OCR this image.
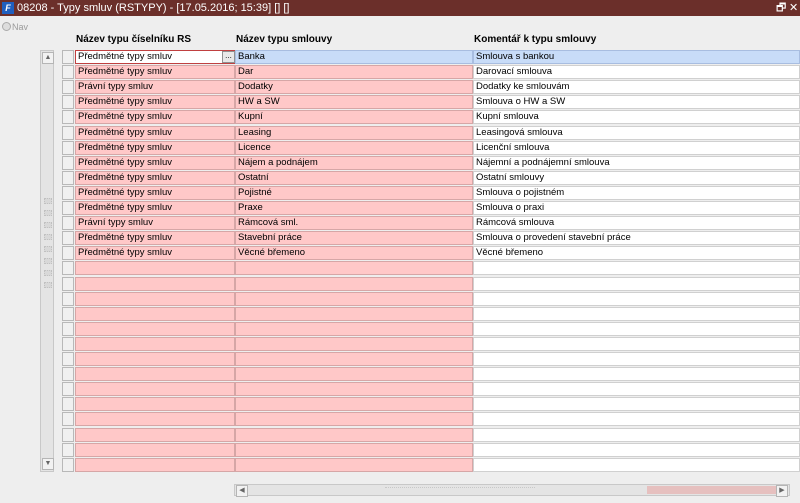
F 08208 - Typy smluv (RSTYPY) - [17.05.2016; 15:39] [] []	🗗 ✕
Nav
Název typu číselníku RS	Název typu smlouvy	Komentář k typu smlouvy
▲
▼
Předmětné typy smluv	Banka	Smlouva s bankou
...
Předmětné typy smluv	Dar	Darovací smlouva
Právní typy smluv	Dodatky	Dodatky ke smlouvám
Předmětné typy smluv	HW a SW	Smlouva o HW a SW
Předmětné typy smluv	Kupní	Kupní smlouva
Předmětné typy smluv	Leasing	Leasingová smlouva
Předmětné typy smluv	Licence	Licenční smlouva
Předmětné typy smluv	Nájem a podnájem	Nájemní a podnájemní smlouva
Předmětné typy smluv	Ostatní	Ostatní smlouvy
Předmětné typy smluv	Pojistné	Smlouva o pojistném
Předmětné typy smluv	Praxe	Smlouva o praxi
Právní typy smluv	Rámcová sml.	Rámcová smlouva
Předmětné typy smluv	Stavební práce	Smlouva o provedení stavební práce
Předmětné typy smluv	Věcné břemeno	Věcné břemeno
◀	▶
